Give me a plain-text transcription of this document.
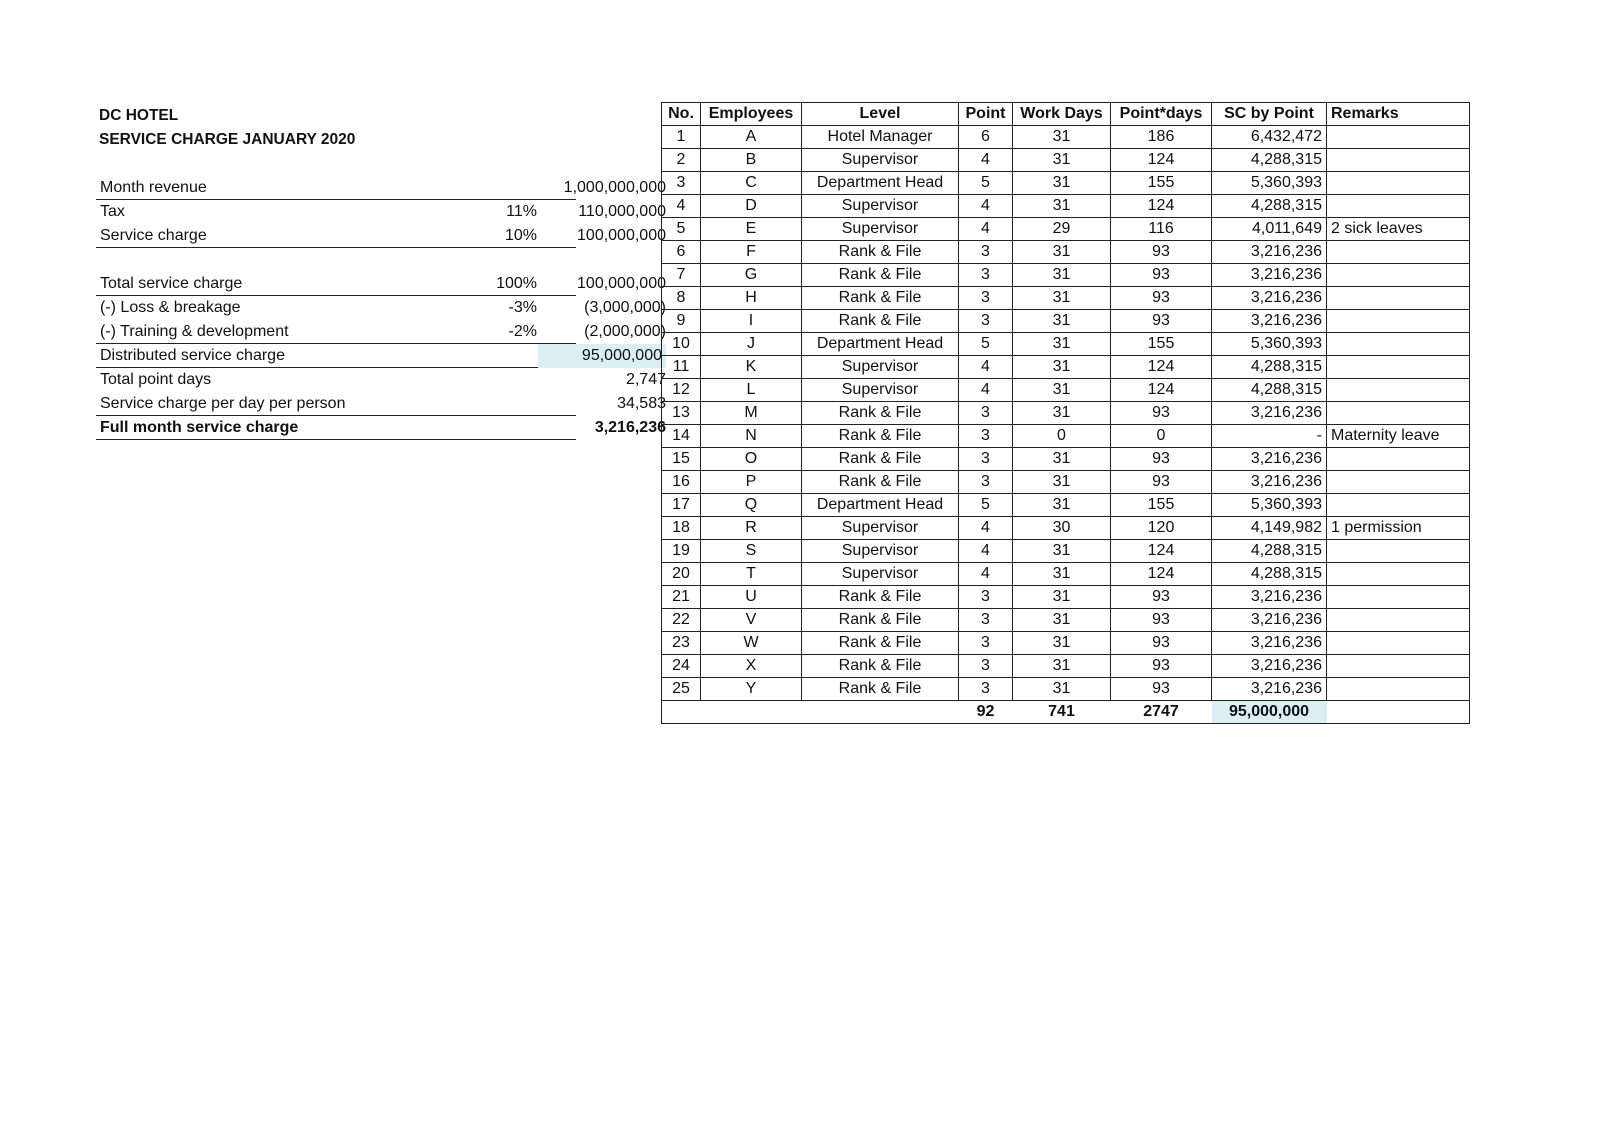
DC HOTEL
SERVICE CHARGE JANUARY 2020
Month revenue	1,000,000,000
Tax	11%	110,000,000
Service charge	10%	100,000,000
Total service charge	100%	100,000,000
(-) Loss & breakage	-3%	(3,000,000)
(-) Training & development	-2%	(2,000,000)
Distributed service charge	95,000,000
Total point days	2,747
Service charge per day per person	34,583
Full month service charge	3,216,236
No.	Employees	Level	Point	Work Days	Point*days	SC by Point	Remarks
1	A	Hotel Manager	6	31	186	6,432,472	
2	B	Supervisor	4	31	124	4,288,315	
3	C	Department Head	5	31	155	5,360,393	
4	D	Supervisor	4	31	124	4,288,315	
5	E	Supervisor	4	29	116	4,011,649	2 sick leaves
6	F	Rank & File	3	31	93	3,216,236	
7	G	Rank & File	3	31	93	3,216,236	
8	H	Rank & File	3	31	93	3,216,236	
9	I	Rank & File	3	31	93	3,216,236	
10	J	Department Head	5	31	155	5,360,393	
11	K	Supervisor	4	31	124	4,288,315	
12	L	Supervisor	4	31	124	4,288,315	
13	M	Rank & File	3	31	93	3,216,236	
14	N	Rank & File	3	0	0	-	Maternity leave
15	O	Rank & File	3	31	93	3,216,236	
16	P	Rank & File	3	31	93	3,216,236	
17	Q	Department Head	5	31	155	5,360,393	
18	R	Supervisor	4	30	120	4,149,982	1 permission
19	S	Supervisor	4	31	124	4,288,315	
20	T	Supervisor	4	31	124	4,288,315	
21	U	Rank & File	3	31	93	3,216,236	
22	V	Rank & File	3	31	93	3,216,236	
23	W	Rank & File	3	31	93	3,216,236	
24	X	Rank & File	3	31	93	3,216,236	
25	Y	Rank & File	3	31	93	3,216,236	
			92	741	2747	95,000,000	
